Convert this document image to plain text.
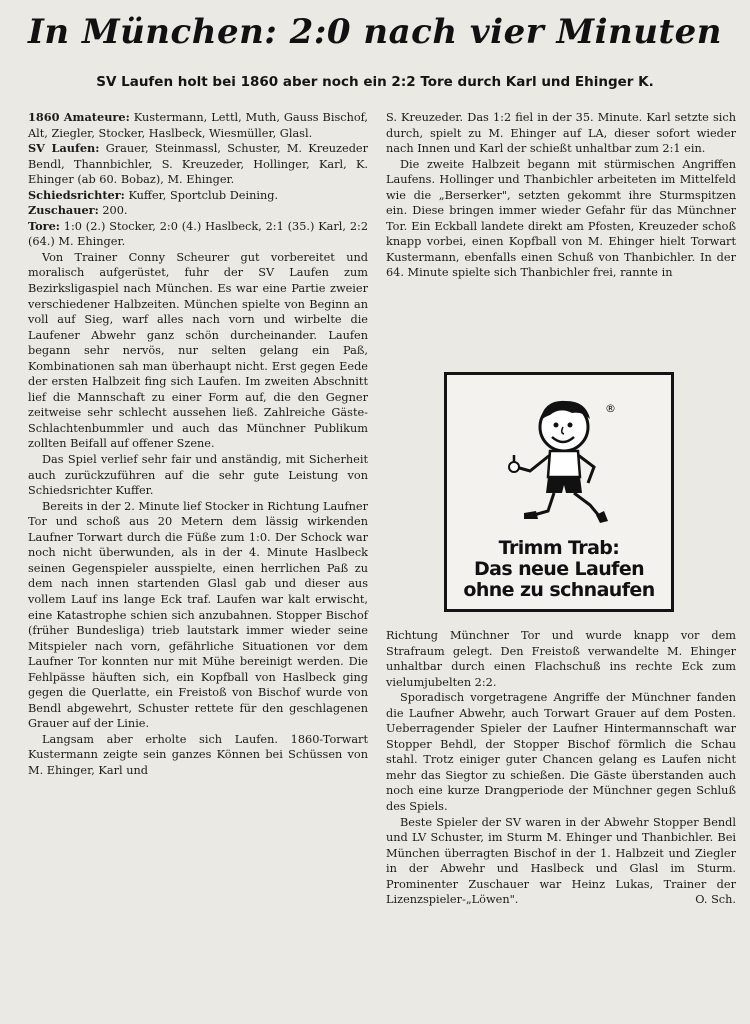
In München: 2:0 nach vier Minuten
SV Laufen holt bei 1860 aber noch ein 2:2 Tore durch Karl und Ehinger K.

1860 Amateure: Kustermann, Lettl, Muth, Gauss Bischof, Alt, Ziegler, Stocker, Haslbeck, Wiesmüller, Glasl.

SV Laufen: Grauer, Steinmassl, Schuster, M. Kreuzeder Bendl, Thannbichler, S. Kreuzeder, Hollinger, Karl, K. Ehinger (ab 60. Bobaz), M. Ehinger.

Schiedsrichter: Kuffer, Sportclub Deining.

Zuschauer: 200.

Tore: 1:0 (2.) Stocker, 2:0 (4.) Haslbeck, 2:1 (35.) Karl, 2:2 (64.) M. Ehinger.

Von Trainer Conny Scheurer gut vorbereitet und moralisch aufgerüstet, fuhr der SV Laufen zum Bezirksligaspiel nach München. Es war eine Partie zweier verschiedener Halbzeiten. München spielte von Beginn an voll auf Sieg, warf alles nach vorn und wirbelte die Laufener Abwehr ganz schön durcheinander. Laufen begann sehr nervös, nur selten gelang ein Paß, Kombinationen sah man überhaupt nicht. Erst gegen Eede der ersten Halbzeit fing sich Laufen. Im zweiten Abschnitt lief die Mannschaft zu einer Form auf, die den Gegner zeitweise sehr schlecht aussehen ließ. Zahlreiche Gäste-Schlachtenbummler und auch das Münchner Publikum zollten Beifall auf offener Szene.

Das Spiel verlief sehr fair und anständig, mit Sicherheit auch zurückzuführen auf die sehr gute Leistung von Schiedsrichter Kuffer.

Bereits in der 2. Minute lief Stocker in Richtung Laufner Tor und schoß aus 20 Metern dem lässig wirkenden Laufner Torwart durch die Füße zum 1:0. Der Schock war noch nicht überwunden, als in der 4. Minute Haslbeck seinen Gegenspieler ausspielte, einen herrlichen Paß zu dem nach innen startenden Glasl gab und dieser aus vollem Lauf ins lange Eck traf. Laufen war kalt erwischt, eine Katastrophe schien sich anzubahnen. Stopper Bischof (früher Bundesliga) trieb lautstark immer wieder seine Mitspieler nach vorn, gefährliche Situationen vor dem Laufner Tor konnten nur mit Mühe bereinigt werden. Die Fehlpässe häuften sich, ein Kopfball von Haslbeck ging gegen die Querlatte, ein Freistoß von Bischof wurde von Bendl abgewehrt, Schuster rettete für den geschlagenen Grauer auf der Linie.

Langsam aber erholte sich Laufen. 1860-Torwart Kustermann zeigte sein ganzes Können bei Schüssen von M. Ehinger, Karl und

S. Kreuzeder. Das 1:2 fiel in der 35. Minute. Karl setzte sich durch, spielt zu M. Ehinger auf LA, dieser sofort wieder nach Innen und Karl der schießt unhaltbar zum 2:1 ein.

Die zweite Halbzeit begann mit stürmischen Angriffen Laufens. Hollinger und Thanbichler arbeiteten im Mittelfeld wie die „Berserker", setzten gekommt ihre Sturmspitzen ein. Diese bringen immer wieder Gefahr für das Münchner Tor. Ein Eckball landete direkt am Pfosten, Kreuzeder schoß knapp vorbei, einen Kopfball von M. Ehinger hielt Torwart Kustermann, ebenfalls einen Schuß von Thanbichler. In der 64. Minute spielte sich Thanbichler frei, rannte in

®
Trimm Trab:
Das neue Laufen
ohne zu schnaufen

Richtung Münchner Tor und wurde knapp vor dem Strafraum gelegt. Den Freistoß verwandelte M. Ehinger unhaltbar durch einen Flachschuß ins rechte Eck zum vielumjubelten 2:2.

Sporadisch vorgetragene Angriffe der Münchner fanden die Laufner Abwehr, auch Torwart Grauer auf dem Posten. Ueberragender Spieler der Laufner Hintermannschaft war Stopper Behdl, der Stopper Bischof förmlich die Schau stahl. Trotz einiger guter Chancen gelang es Laufen nicht mehr das Siegtor zu schießen. Die Gäste überstanden auch noch eine kurze Drangperiode der Münchner gegen Schluß des Spiels.

Beste Spieler der SV waren in der Abwehr Stopper Bendl und LV Schuster, im Sturm M. Ehinger und Thanbichler. Bei München überragten Bischof in der 1. Halbzeit und Ziegler in der Abwehr und Haslbeck und Glasl im Sturm. Prominenter Zuschauer war Heinz Lukas, Trainer der Lizenzspieler-„Löwen".	O. Sch.
